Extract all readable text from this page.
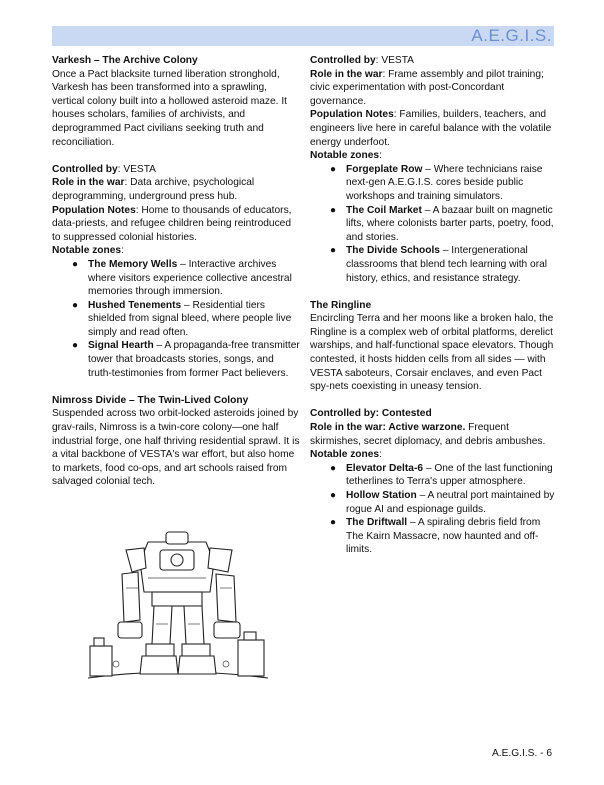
A.E.G.I.S.
Varkesh – The Archive Colony
Once a Pact blacksite turned liberation stronghold, Varkesh has been transformed into a sprawling, vertical colony built into a hollowed asteroid maze. It houses scholars, families of archivists, and deprogrammed Pact civilians seeking truth and reconciliation.
Controlled by: VESTA
Role in the war: Data archive, psychological deprogramming, underground press hub.
Population Notes: Home to thousands of educators, data-priests, and refugee children being reintroduced to suppressed colonial histories.
Notable zones:
● The Memory Wells – Interactive archives where visitors experience collective ancestral memories through immersion.
● Hushed Tenements – Residential tiers shielded from signal bleed, where people live simply and read often.
● Signal Hearth – A propaganda-free transmitter tower that broadcasts stories, songs, and truth-testimonies from former Pact believers.
Nimross Divide – The Twin-Lived Colony
Suspended across two orbit-locked asteroids joined by grav-rails, Nimross is a twin-core colony—one half industrial forge, one half thriving residential sprawl. It is a vital backbone of VESTA's war effort, but also home to markets, food co-ops, and art schools raised from salvaged colonial tech.
Controlled by: VESTA
Role in the war: Frame assembly and pilot training; civic experimentation with post-Concordant governance.
Population Notes: Families, builders, teachers, and engineers live here in careful balance with the volatile energy underfoot.
Notable zones:
● Forgeplate Row – Where technicians raise next-gen A.E.G.I.S. cores beside public workshops and training simulators.
● The Coil Market – A bazaar built on magnetic lifts, where colonists barter parts, poetry, food, and stories.
● The Divide Schools – Intergenerational classrooms that blend tech learning with oral history, ethics, and resistance strategy.
The Ringline
Encircling Terra and her moons like a broken halo, the Ringline is a complex web of orbital platforms, derelict warships, and half-functional space elevators. Though contested, it hosts hidden cells from all sides — with VESTA saboteurs, Corsair enclaves, and even Pact spy-nets coexisting in uneasy tension.
Controlled by: Contested
Role in the war: Active warzone. Frequent skirmishes, secret diplomacy, and debris ambushes.
Notable zones:
● Elevator Delta-6 – One of the last functioning tetherlines to Terra's upper atmosphere.
● Hollow Station – A neutral port maintained by rogue AI and espionage guilds.
● The Driftwall – A spiraling debris field from The Kairn Massacre, now haunted and off-limits.
A.E.G.I.S. - 6
